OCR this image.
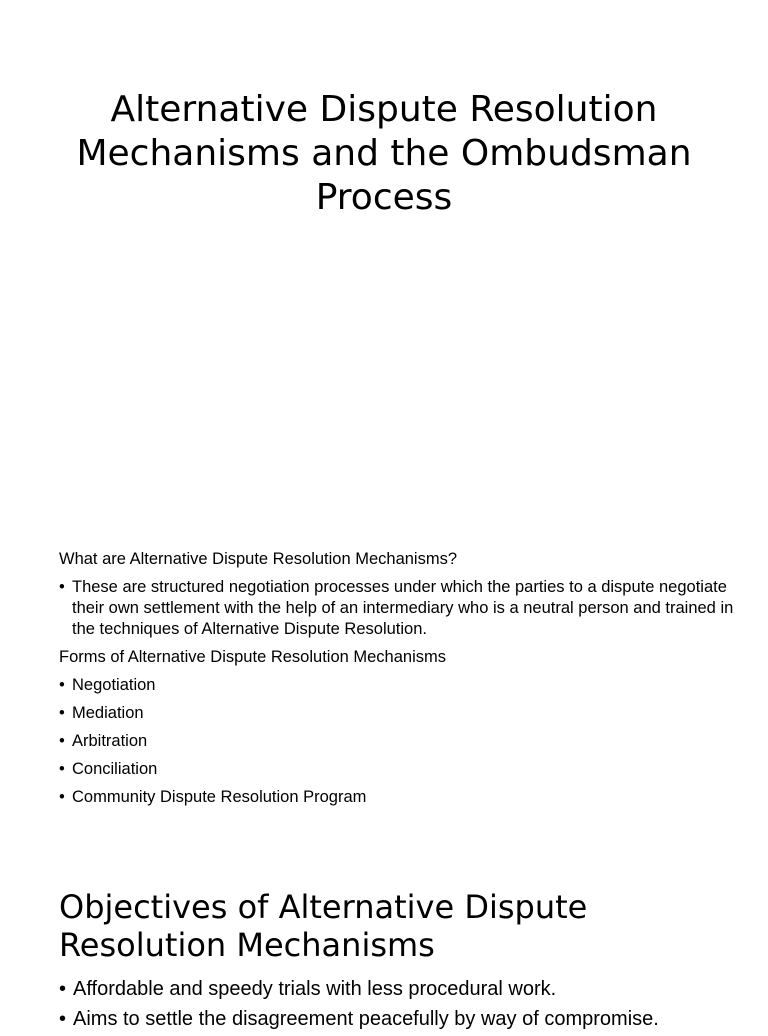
Alternative Dispute Resolution Mechanisms and the Ombudsman Process

What are Alternative Dispute Resolution Mechanisms?

• These are structured negotiation processes under which the parties to a dispute negotiate their own settlement with the help of an intermediary who is a neutral person and trained in the techniques of Alternative Dispute Resolution.

Forms of Alternative Dispute Resolution Mechanisms

• Negotiation
• Mediation
• Arbitration
• Conciliation
• Community Dispute Resolution Program
Objectives of Alternative Dispute Resolution Mechanisms
• Affordable and speedy trials with less procedural work.
• Aims to settle the disagreement peacefully by way of compromise.
